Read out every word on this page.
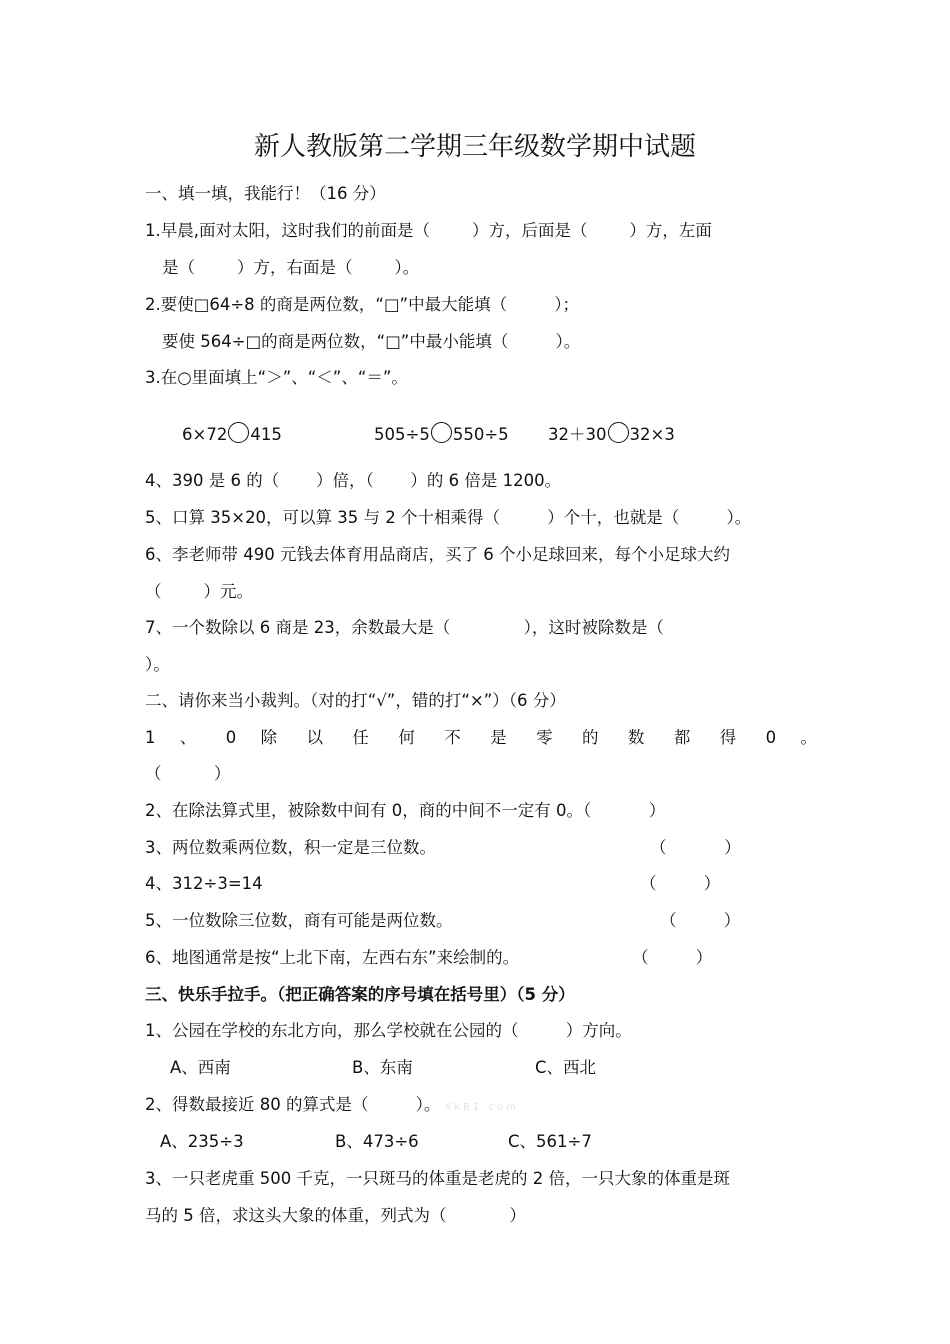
新人教版第二学期三年级数学期中试题
一、填一填，我能行！（16 分）
1.早晨,面对太阳，这时我们的前面是（        ）方，后面是（        ）方，左面
是（        ）方，右面是（        ）。
2.要使□64÷8 的商是两位数，“□”中最大能填（         ）；
要使 564÷□的商是两位数，“□”中最小能填（         ）。
3.在○里面填上“＞”、“＜”、“＝”。
6×72 415	505÷5 550÷5 32＋30 32×3
4、390 是 6 的（       ）倍，（       ）的 6 倍是 1200。
5、口算 35×20，可以算 35 与 2 个十相乘得（         ）个十，也就是（         ）。
6、李老师带 490 元钱去体育用品商店，买了 6 个小足球回来，每个小足球大约
（        ）元。
7、一个数除以 6 商是 23，余数最大是（              ），这时被除数是（
）。
二、请你来当小裁判。（对的打“√”，错的打“×”）（6 分）
1 、 0 除 以 任 何 不 是 零 的 数 都 得 0 。
（          ）
2、在除法算式里，被除数中间有 0，商的中间不一定有 0。（           ）
3、两位数乘两位数，积一定是三位数。	（           ）
4、312÷3=14	（         ）
5、一位数除三位数，商有可能是两位数。	（         ）
6、地图通常是按“上北下南，左西右东”来绘制的。	（         ）
三、快乐手拉手。（把正确答案的序号填在括号里）（5 分）
1、公园在学校的东北方向，那么学校就在公园的（         ）方向。
A、西南	B、东南	C、西北
2、得数最接近 80 的算式是（         ）。 XkB1.com
A、235÷3	B、473÷6	C、561÷7
3、一只老虎重 500 千克，一只斑马的体重是老虎的 2 倍，一只大象的体重是斑
马的 5 倍，求这头大象的体重，列式为（            ）
